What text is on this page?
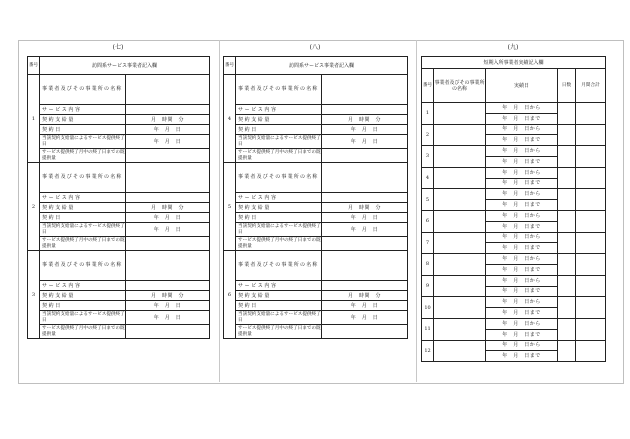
(七)
番号	訪問系サービス事業者記入欄	
1	事業者及びその事業所の名称	
	サービス内容	
	契約支給量	月　時間　分
	契約日	年　月　日
	当該契約支給量によるサービス提供終了日	年　月　日
	サービス提供終了月中の終了日までの既提供量	
2	事業者及びその事業所の名称	
	サービス内容	
	契約支給量	月　時間　分
	契約日	年　月　日
	当該契約支給量によるサービス提供終了日	年　月　日
	サービス提供終了月中の終了日までの既提供量	
3	事業者及びその事業所の名称	
	サービス内容	
	契約支給量	月　時間　分
	契約日	年　月　日
	当該契約支給量によるサービス提供終了日	年　月　日
	サービス提供終了月中の終了日までの既提供量	
(八)
番号	訪問系サービス事業者記入欄	
4	事業者及びその事業所の名称	
	サービス内容	
	契約支給量	月　時間　分
	契約日	年　月　日
	当該契約支給量によるサービス提供終了日	年　月　日
	サービス提供終了月中の終了日までの既提供量	
5	事業者及びその事業所の名称	
	サービス内容	
	契約支給量	月　時間　分
	契約日	年　月　日
	当該契約支給量によるサービス提供終了日	年　月　日
	サービス提供終了月中の終了日までの既提供量	
6	事業者及びその事業所の名称	
	サービス内容	
	契約支給量	月　時間　分
	契約日	年　月　日
	当該契約支給量によるサービス提供終了日	年　月　日
	サービス提供終了月中の終了日までの既提供量	
(九)
短期入所事業者実績記入欄				
番号	事業者及びその事業所の名称	実績日	日数	月間合計
1		年　月　日から		
		年　月　日まで		
2		年　月　日から		
		年　月　日まで		
3		年　月　日から		
		年　月　日まで		
4		年　月　日から		
		年　月　日まで		
5		年　月　日から		
		年　月　日まで		
6		年　月　日から		
		年　月　日まで		
7		年　月　日から		
		年　月　日まで		
8		年　月　日から		
		年　月　日まで		
9		年　月　日から		
		年　月　日まで		
10		年　月　日から		
		年　月　日まで		
11		年　月　日から		
		年　月　日まで		
12		年　月　日から		
		年　月　日まで		
